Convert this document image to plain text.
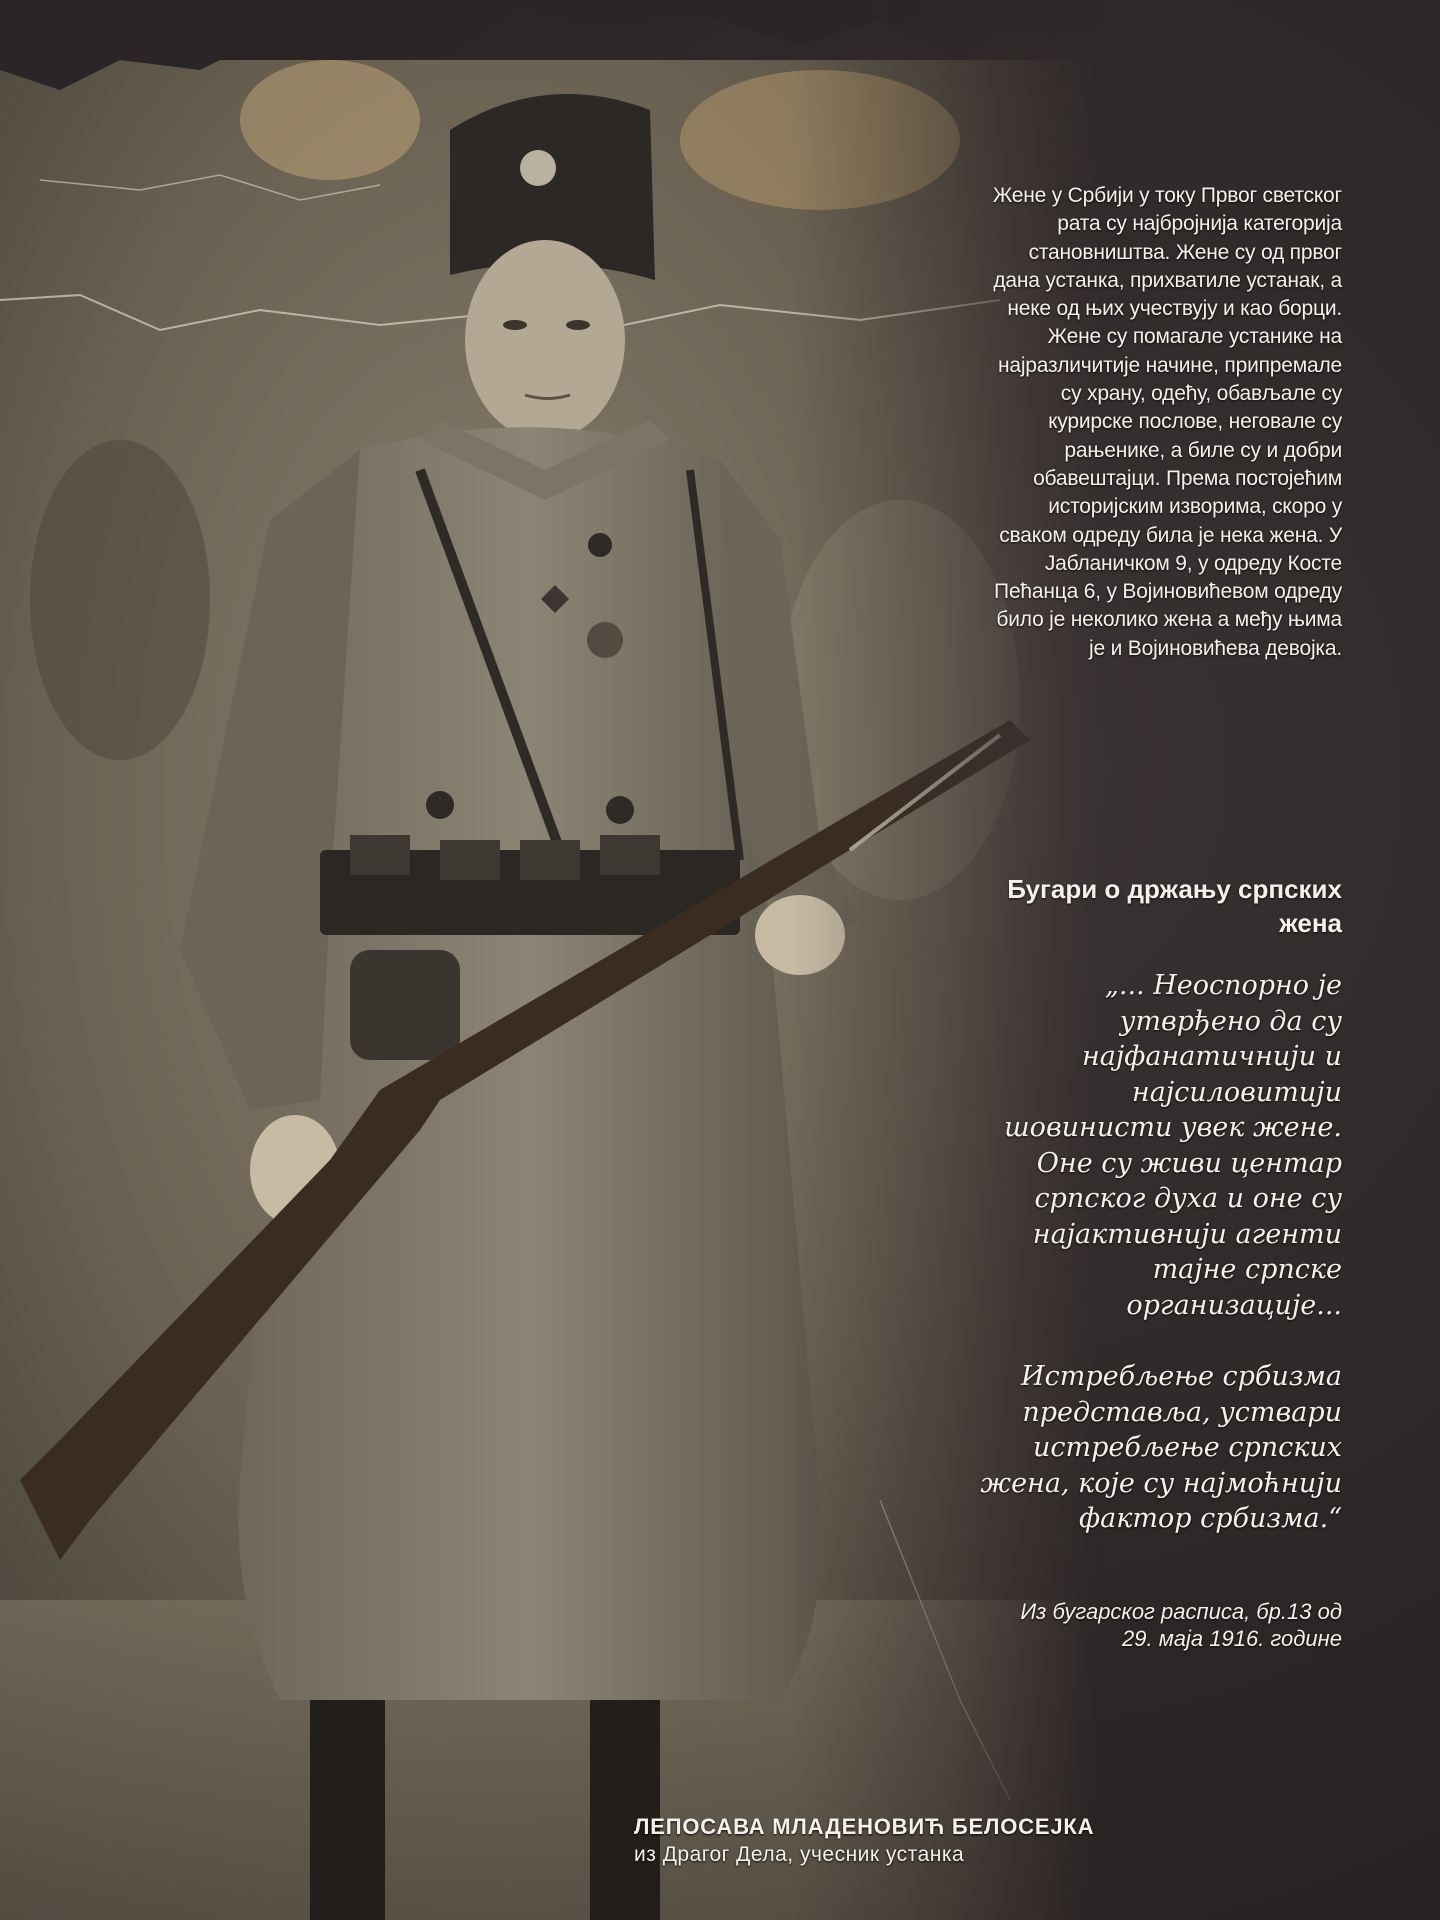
Жене у Србији у току Првог светског рата су најбројнија категорија становништва. Жене су од првог дана устанка, прихватиле устанак, а неке од њих учествују и као борци. Жене су помагале устанике на најразличитије начине, припремале су храну, одећу, обављале су курирске послове, неговале су рањенике, а биле су и добри обавештајци. Према постојећим историјским изворима, скоро у сваком одреду била је нека жена. У Јабланичком 9, у одреду Косте Пећанца 6, у Војиновићевом одреду било је неколико жена а међу њима је и Војиновићева девојка.
Бугари о држању српских жена

„... Неоспорно је утврђено да су најфанатичнији и најсиловитији шовинисти увек жене. Оне су живи центар српског духа и оне су најактивнији агенти тајне српске организације...

Истребљење србизма представља, уствари истребљење српских жена, које су најмоћнији фактор србизма.“

Из бугарског расписа, бр.13 од
29. маја 1916. године
ЛЕПОСАВА МЛАДЕНОВИЋ БЕЛОСЕЈКА
из Драгог Дела, учесник устанка
